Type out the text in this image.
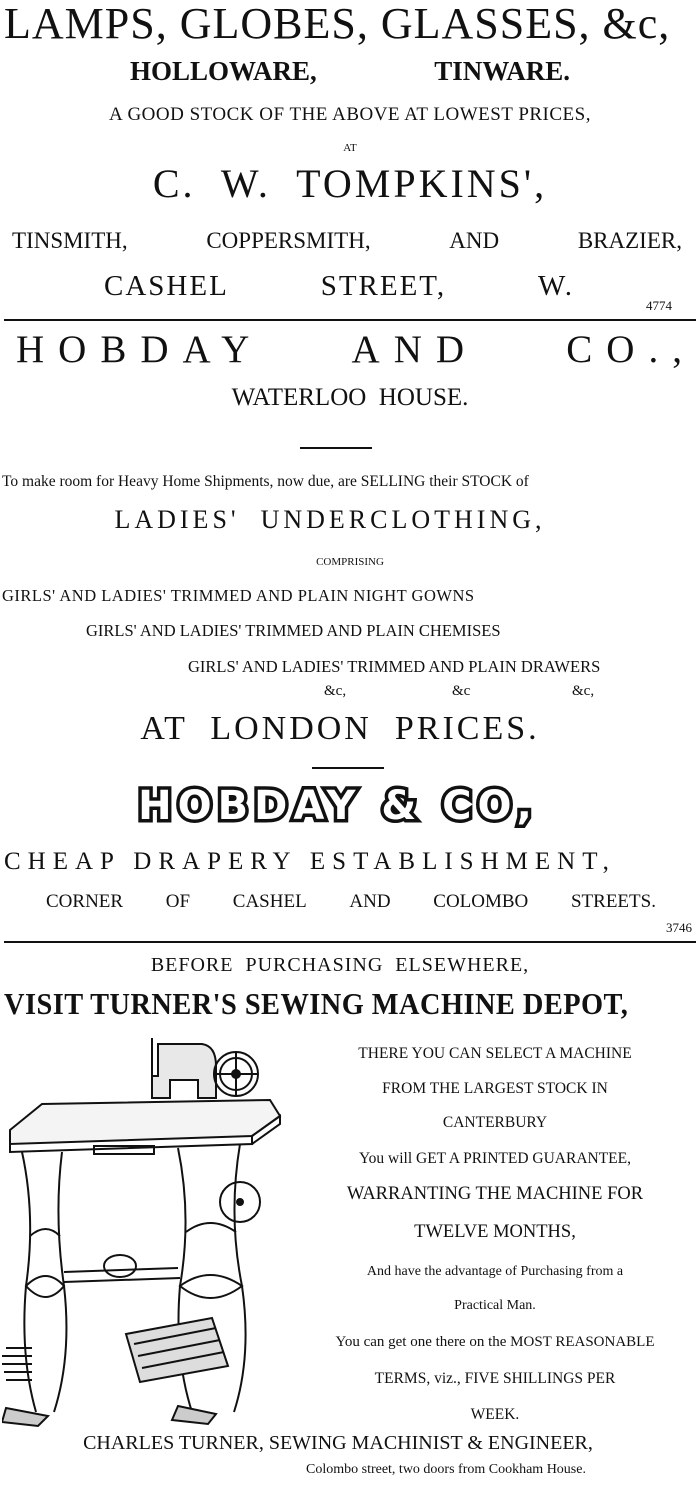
LAMPS, GLOBES, GLASSES, &c,
HOLLOWARE,	TINWARE.
A GOOD STOCK OF THE ABOVE AT LOWEST PRICES,
AT
C.  W.  TOMPKINS',
TINSMITH,	COPPERSMITH,	AND	BRAZIER,
CASHEL	STREET,	W.
4774
HOBDAY AND CO.,
WATERLOO  HOUSE.
To make room for Heavy Home Shipments, now due, are SELLING their STOCK of
LADIES'  UNDERCLOTHING,
COMPRISING
GIRLS' AND LADIES' TRIMMED AND PLAIN NIGHT GOWNS
GIRLS' AND LADIES' TRIMMED AND PLAIN CHEMISES
GIRLS' AND LADIES' TRIMMED AND PLAIN DRAWERS
&c,	&c	&c,
AT  LONDON  PRICES.
HOBDAY & CO,
CHEAP DRAPERY ESTABLISHMENT,
CORNER OF CASHEL AND COLOMBO STREETS.
3746
BEFORE  PURCHASING  ELSEWHERE,
VISIT TURNER'S SEWING MACHINE DEPOT,
THERE YOU CAN SELECT A MACHINE
FROM THE LARGEST STOCK IN
CANTERBURY
You will GET A PRINTED GUARANTEE,
WARRANTING THE MACHINE FOR
TWELVE MONTHS,
And have the advantage of Purchasing from a
Practical Man.
You can get one there on the MOST REASONABLE
TERMS, viz., FIVE SHILLINGS PER
WEEK.
CHARLES TURNER, SEWING MACHINIST & ENGINEER,
Colombo street, two doors from Cookham House.
